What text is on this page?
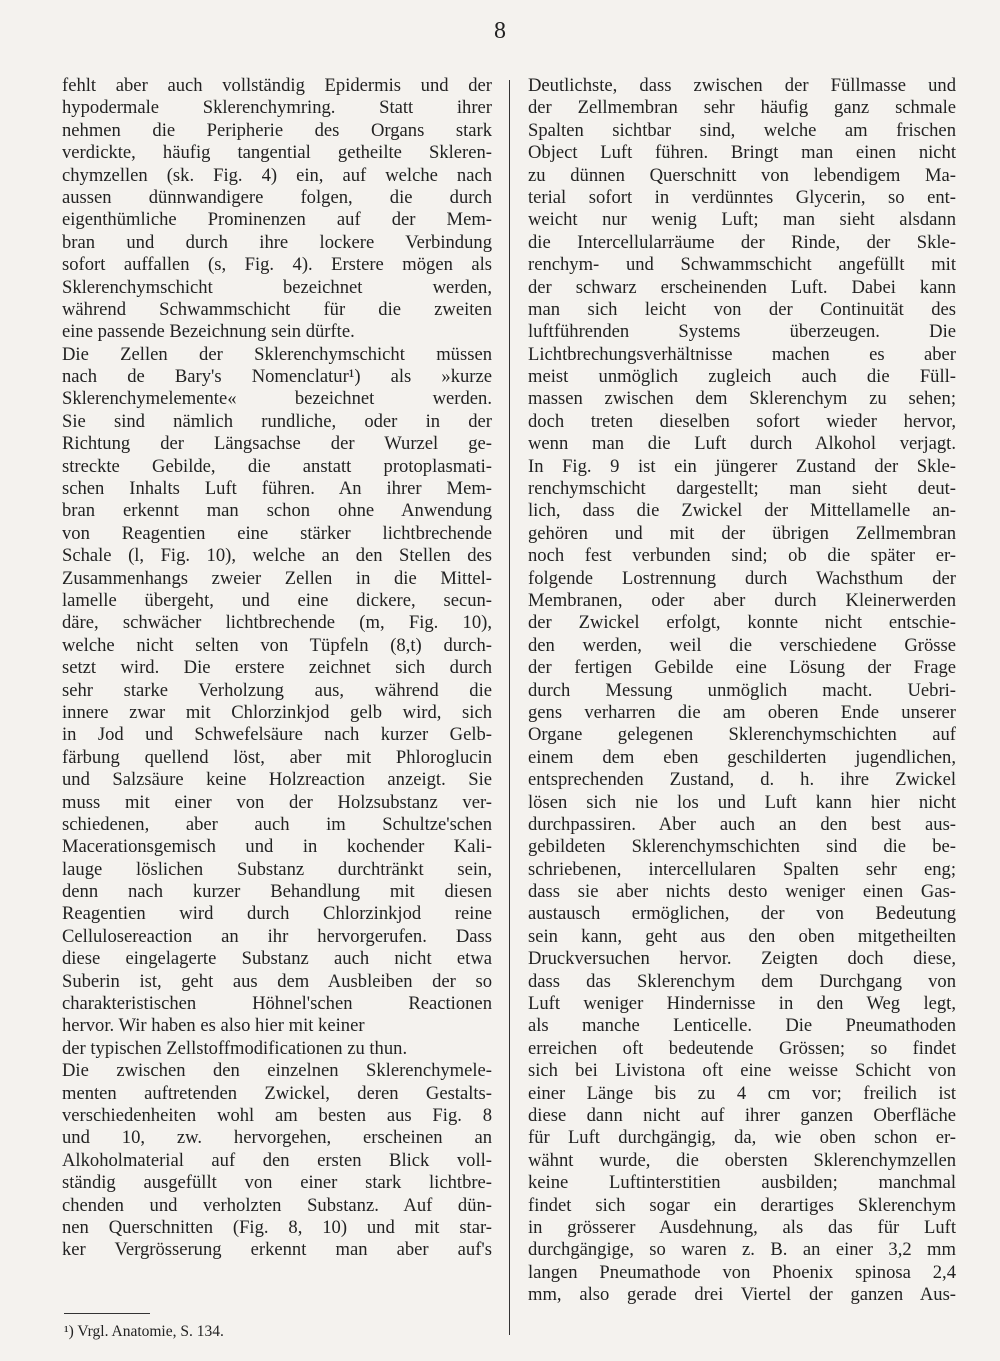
8
fehlt aber auch vollständig Epidermis und der
hypodermale Sklerenchymring. Statt ihrer
nehmen die Peripherie des Organs stark
verdickte, häufig tangential getheilte Skleren-
chymzellen (sk. Fig. 4) ein, auf welche nach
aussen dünnwandigere folgen, die durch
eigenthümliche Prominenzen auf der Mem-
bran und durch ihre lockere Verbindung
sofort auffallen (s, Fig. 4). Erstere mögen als
Sklerenchymschicht bezeichnet werden,
während Schwammschicht für die zweiten
eine passende Bezeichnung sein dürfte.
Die Zellen der Sklerenchymschicht müssen
nach de Bary's Nomenclatur¹) als »kurze
Sklerenchymelemente« bezeichnet werden.
Sie sind nämlich rundliche, oder in der
Richtung der Längsachse der Wurzel ge-
streckte Gebilde, die anstatt protoplasmati-
schen Inhalts Luft führen. An ihrer Mem-
bran erkennt man schon ohne Anwendung
von Reagentien eine stärker lichtbrechende
Schale (l, Fig. 10), welche an den Stellen des
Zusammenhangs zweier Zellen in die Mittel-
lamelle übergeht, und eine dickere, secun-
däre, schwächer lichtbrechende (m, Fig. 10),
welche nicht selten von Tüpfeln (8,t) durch-
setzt wird. Die erstere zeichnet sich durch
sehr starke Verholzung aus, während die
innere zwar mit Chlorzinkjod gelb wird, sich
in Jod und Schwefelsäure nach kurzer Gelb-
färbung quellend löst, aber mit Phloroglucin
und Salzsäure keine Holzreaction anzeigt. Sie
muss mit einer von der Holzsubstanz ver-
schiedenen, aber auch im Schultze'schen
Macerationsgemisch und in kochender Kali-
lauge löslichen Substanz durchtränkt sein,
denn nach kurzer Behandlung mit diesen
Reagentien wird durch Chlorzinkjod reine
Cellulosereaction an ihr hervorgerufen. Dass
diese eingelagerte Substanz auch nicht etwa
Suberin ist, geht aus dem Ausbleiben der so
charakteristischen Höhnel'schen Reactionen
hervor. Wir haben es also hier mit keiner
der typischen Zellstoffmodificationen zu thun.
Die zwischen den einzelnen Sklerenchymele-
menten auftretenden Zwickel, deren Gestalts-
verschiedenheiten wohl am besten aus Fig. 8
und 10, zw. hervorgehen, erscheinen an
Alkoholmaterial auf den ersten Blick voll-
ständig ausgefüllt von einer stark lichtbre-
chenden und verholzten Substanz. Auf dün-
nen Querschnitten (Fig. 8, 10) und mit star-
ker Vergrösserung erkennt man aber auf's
Deutlichste, dass zwischen der Füllmasse und
der Zellmembran sehr häufig ganz schmale
Spalten sichtbar sind, welche am frischen
Object Luft führen. Bringt man einen nicht
zu dünnen Querschnitt von lebendigem Ma-
terial sofort in verdünntes Glycerin, so ent-
weicht nur wenig Luft; man sieht alsdann
die Intercellularräume der Rinde, der Skle-
renchym- und Schwammschicht angefüllt mit
der schwarz erscheinenden Luft. Dabei kann
man sich leicht von der Continuität des
luftführenden Systems überzeugen. Die
Lichtbrechungsverhältnisse machen es aber
meist unmöglich zugleich auch die Füll-
massen zwischen dem Sklerenchym zu sehen;
doch treten dieselben sofort wieder hervor,
wenn man die Luft durch Alkohol verjagt.
In Fig. 9 ist ein jüngerer Zustand der Skle-
renchymschicht dargestellt; man sieht deut-
lich, dass die Zwickel der Mittellamelle an-
gehören und mit der übrigen Zellmembran
noch fest verbunden sind; ob die später er-
folgende Lostrennung durch Wachsthum der
Membranen, oder aber durch Kleinerwerden
der Zwickel erfolgt, konnte nicht entschie-
den werden, weil die verschiedene Grösse
der fertigen Gebilde eine Lösung der Frage
durch Messung unmöglich macht. Uebri-
gens verharren die am oberen Ende unserer
Organe gelegenen Sklerenchymschichten auf
einem dem eben geschilderten jugendlichen,
entsprechenden Zustand, d. h. ihre Zwickel
lösen sich nie los und Luft kann hier nicht
durchpassiren. Aber auch an den best aus-
gebildeten Sklerenchymschichten sind die be-
schriebenen, intercellularen Spalten sehr eng;
dass sie aber nichts desto weniger einen Gas-
austausch ermöglichen, der von Bedeutung
sein kann, geht aus den oben mitgetheilten
Druckversuchen hervor. Zeigten doch diese,
dass das Sklerenchym dem Durchgang von
Luft weniger Hindernisse in den Weg legt,
als manche Lenticelle. Die Pneumathoden
erreichen oft bedeutende Grössen; so findet
sich bei Livistona oft eine weisse Schicht von
einer Länge bis zu 4 cm vor; freilich ist
diese dann nicht auf ihrer ganzen Oberfläche
für Luft durchgängig, da, wie oben schon er-
wähnt wurde, die obersten Sklerenchymzellen
keine Luftinterstitien ausbilden; manchmal
findet sich sogar ein derartiges Sklerenchym
in grösserer Ausdehnung, als das für Luft
durchgängige, so waren z. B. an einer 3,2 mm
langen Pneumathode von Phoenix spinosa 2,4
mm, also gerade drei Viertel der ganzen Aus-
¹) Vrgl. Anatomie, S. 134.
